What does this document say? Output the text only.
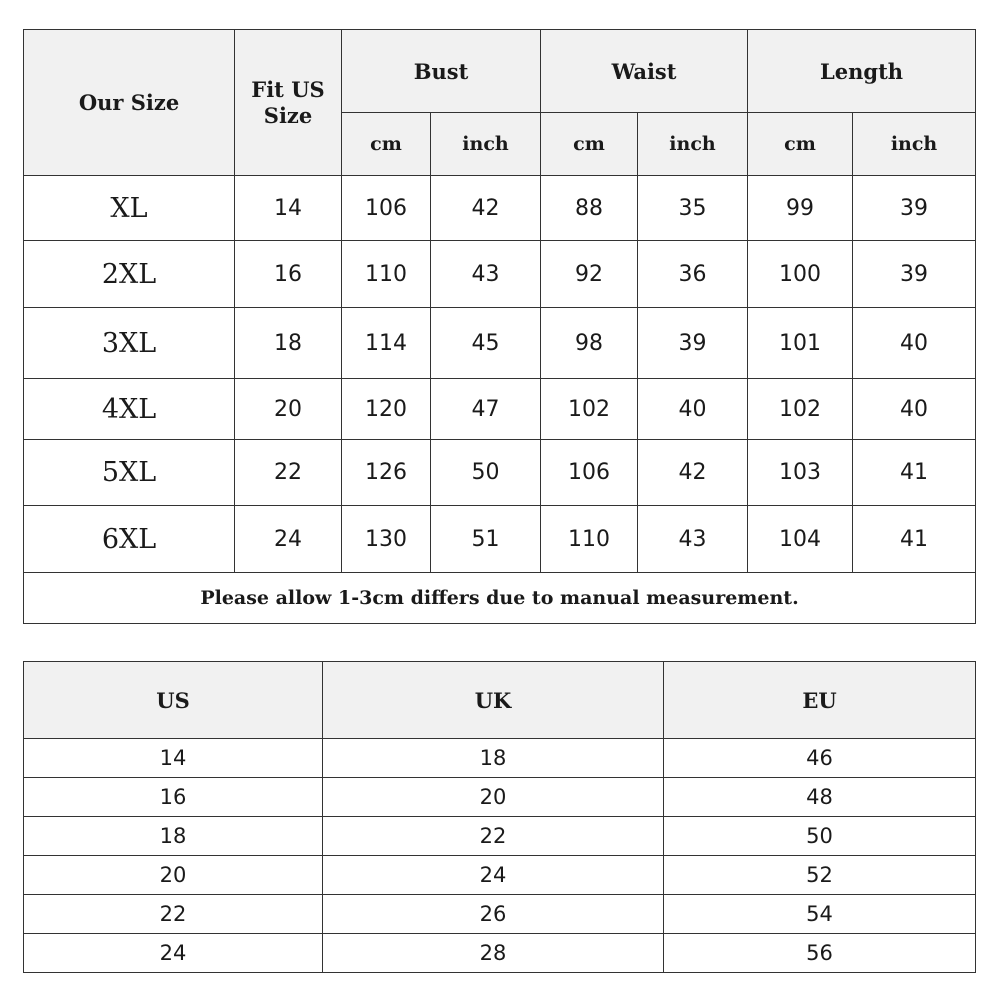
Our Size	Fit US Size	Bust		Waist		Length	
		cm	inch	cm	inch	cm	inch
XL	14	106	42	88	35	99	39
2XL	16	110	43	92	36	100	39
3XL	18	114	45	98	39	101	40
4XL	20	120	47	102	40	102	40
5XL	22	126	50	106	42	103	41
6XL	24	130	51	110	43	104	41
Please allow 1-3cm differs due to manual measurement.							
US	UK	EU
14	18	46
16	20	48
18	22	50
20	24	52
22	26	54
24	28	56
